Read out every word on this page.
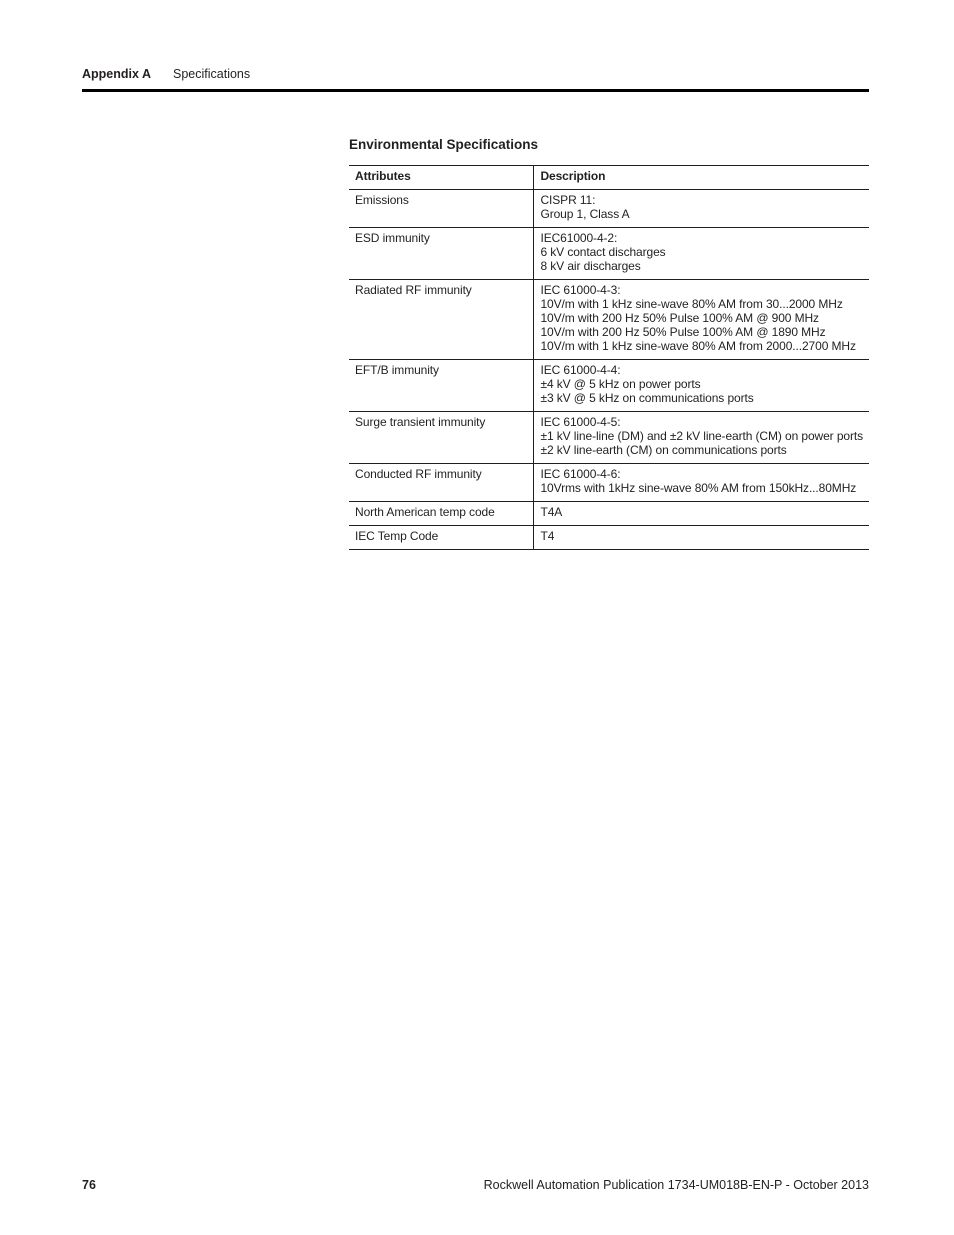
Appendix A Specifications
Environmental Specifications
Attributes	Description
Emissions	CISPR 11:
Group 1, Class A

ESD immunity	IEC61000-4-2:
6 kV contact discharges
8 kV air discharges

Radiated RF immunity	IEC 61000-4-3:
10V/m with 1 kHz sine-wave 80% AM from 30...2000 MHz
10V/m with 200 Hz 50% Pulse 100% AM @ 900 MHz
10V/m with 200 Hz 50% Pulse 100% AM @ 1890 MHz
10V/m with 1 kHz sine-wave 80% AM from 2000...2700 MHz

EFT/B immunity	IEC 61000-4-4:
±4 kV @ 5 kHz on power ports
±3 kV @ 5 kHz on communications ports

Surge transient immunity	IEC 61000-4-5:
±1 kV line-line (DM) and ±2 kV line-earth (CM) on power ports
±2 kV line-earth (CM) on communications ports

Conducted RF immunity	IEC 61000-4-6:
10Vrms with 1kHz sine-wave 80% AM from 150kHz...80MHz

North American temp code	T4A

IEC Temp Code	T4
76	Rockwell Automation Publication 1734-UM018B-EN-P - October 2013
